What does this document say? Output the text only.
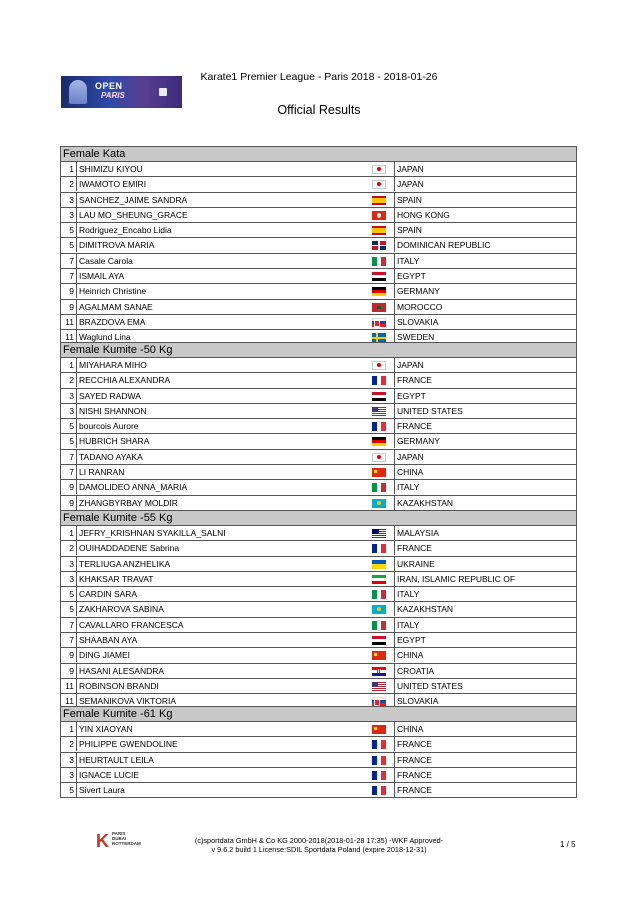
OPEN
PARIS
Karate1 Premier League - Paris 2018 - 2018-01-26
Official Results
Female Kata
1 SHIMIZU KIYOU	JAPAN
2 IWAMOTO EMIRI	JAPAN
3 SANCHEZ_JAIME SANDRA	SPAIN
3 LAU MO_SHEUNG_GRACE	HONG KONG
5 Rodriguez_Encabo Lidia	SPAIN
5 DIMITROVA MARIA	DOMINICAN REPUBLIC
7 Casale Carola	ITALY
7 ISMAIL AYA	EGYPT
9 Heinrich Christine	GERMANY
9 AGALMAM SANAE	MOROCCO
11 BRAZDOVA EMA	SLOVAKIA
11 Waglund Lina	SWEDEN
Female Kumite -50 Kg
1 MIYAHARA MIHO	JAPAN
2 RECCHIA ALEXANDRA	FRANCE
3 SAYED RADWA	EGYPT
3 NISHI SHANNON	UNITED STATES
5 bourcois Aurore	FRANCE
5 HUBRICH SHARA	GERMANY
7 TADANO AYAKA	JAPAN
7 LI RANRAN	CHINA
9 DAMOLIDEO ANNA_MARIA	ITALY
9 ZHANGBYRBAY MOLDIR	KAZAKHSTAN
Female Kumite -55 Kg
1 JEFRY_KRISHNAN SYAKILLA_SALNI	MALAYSIA
2 OUIHADDADENE Sabrina	FRANCE
3 TERLIUGA ANZHELIKA	UKRAINE
3 KHAKSAR TRAVAT	IRAN, ISLAMIC REPUBLIC OF
5 CARDIN SARA	ITALY
5 ZAKHAROVA SABINA	KAZAKHSTAN
7 CAVALLARO FRANCESCA	ITALY
7 SHAABAN AYA	EGYPT
9 DING JIAMEI	CHINA
9 HASANI ALESANDRA	CROATIA
11 ROBINSON BRANDI	UNITED STATES
11 SEMANIKOVA VIKTORIA	SLOVAKIA
Female Kumite -61 Kg
1 YIN XIAOYAN	CHINA
2 PHILIPPE GWENDOLINE	FRANCE
3 HEURTAULT LEILA	FRANCE
3 IGNACE LUCIE	FRANCE
5 Sivert Laura	FRANCE
K PARIS DUBAI ROTTERDAM	(c)sportdata GmbH & Co KG 2000-2018(2018-01-28 17:35) -WKF Approved-
v 9.6.2 build 1 License:SDIL Sportdata Poland (expire 2018-12-31)
1 / 5
